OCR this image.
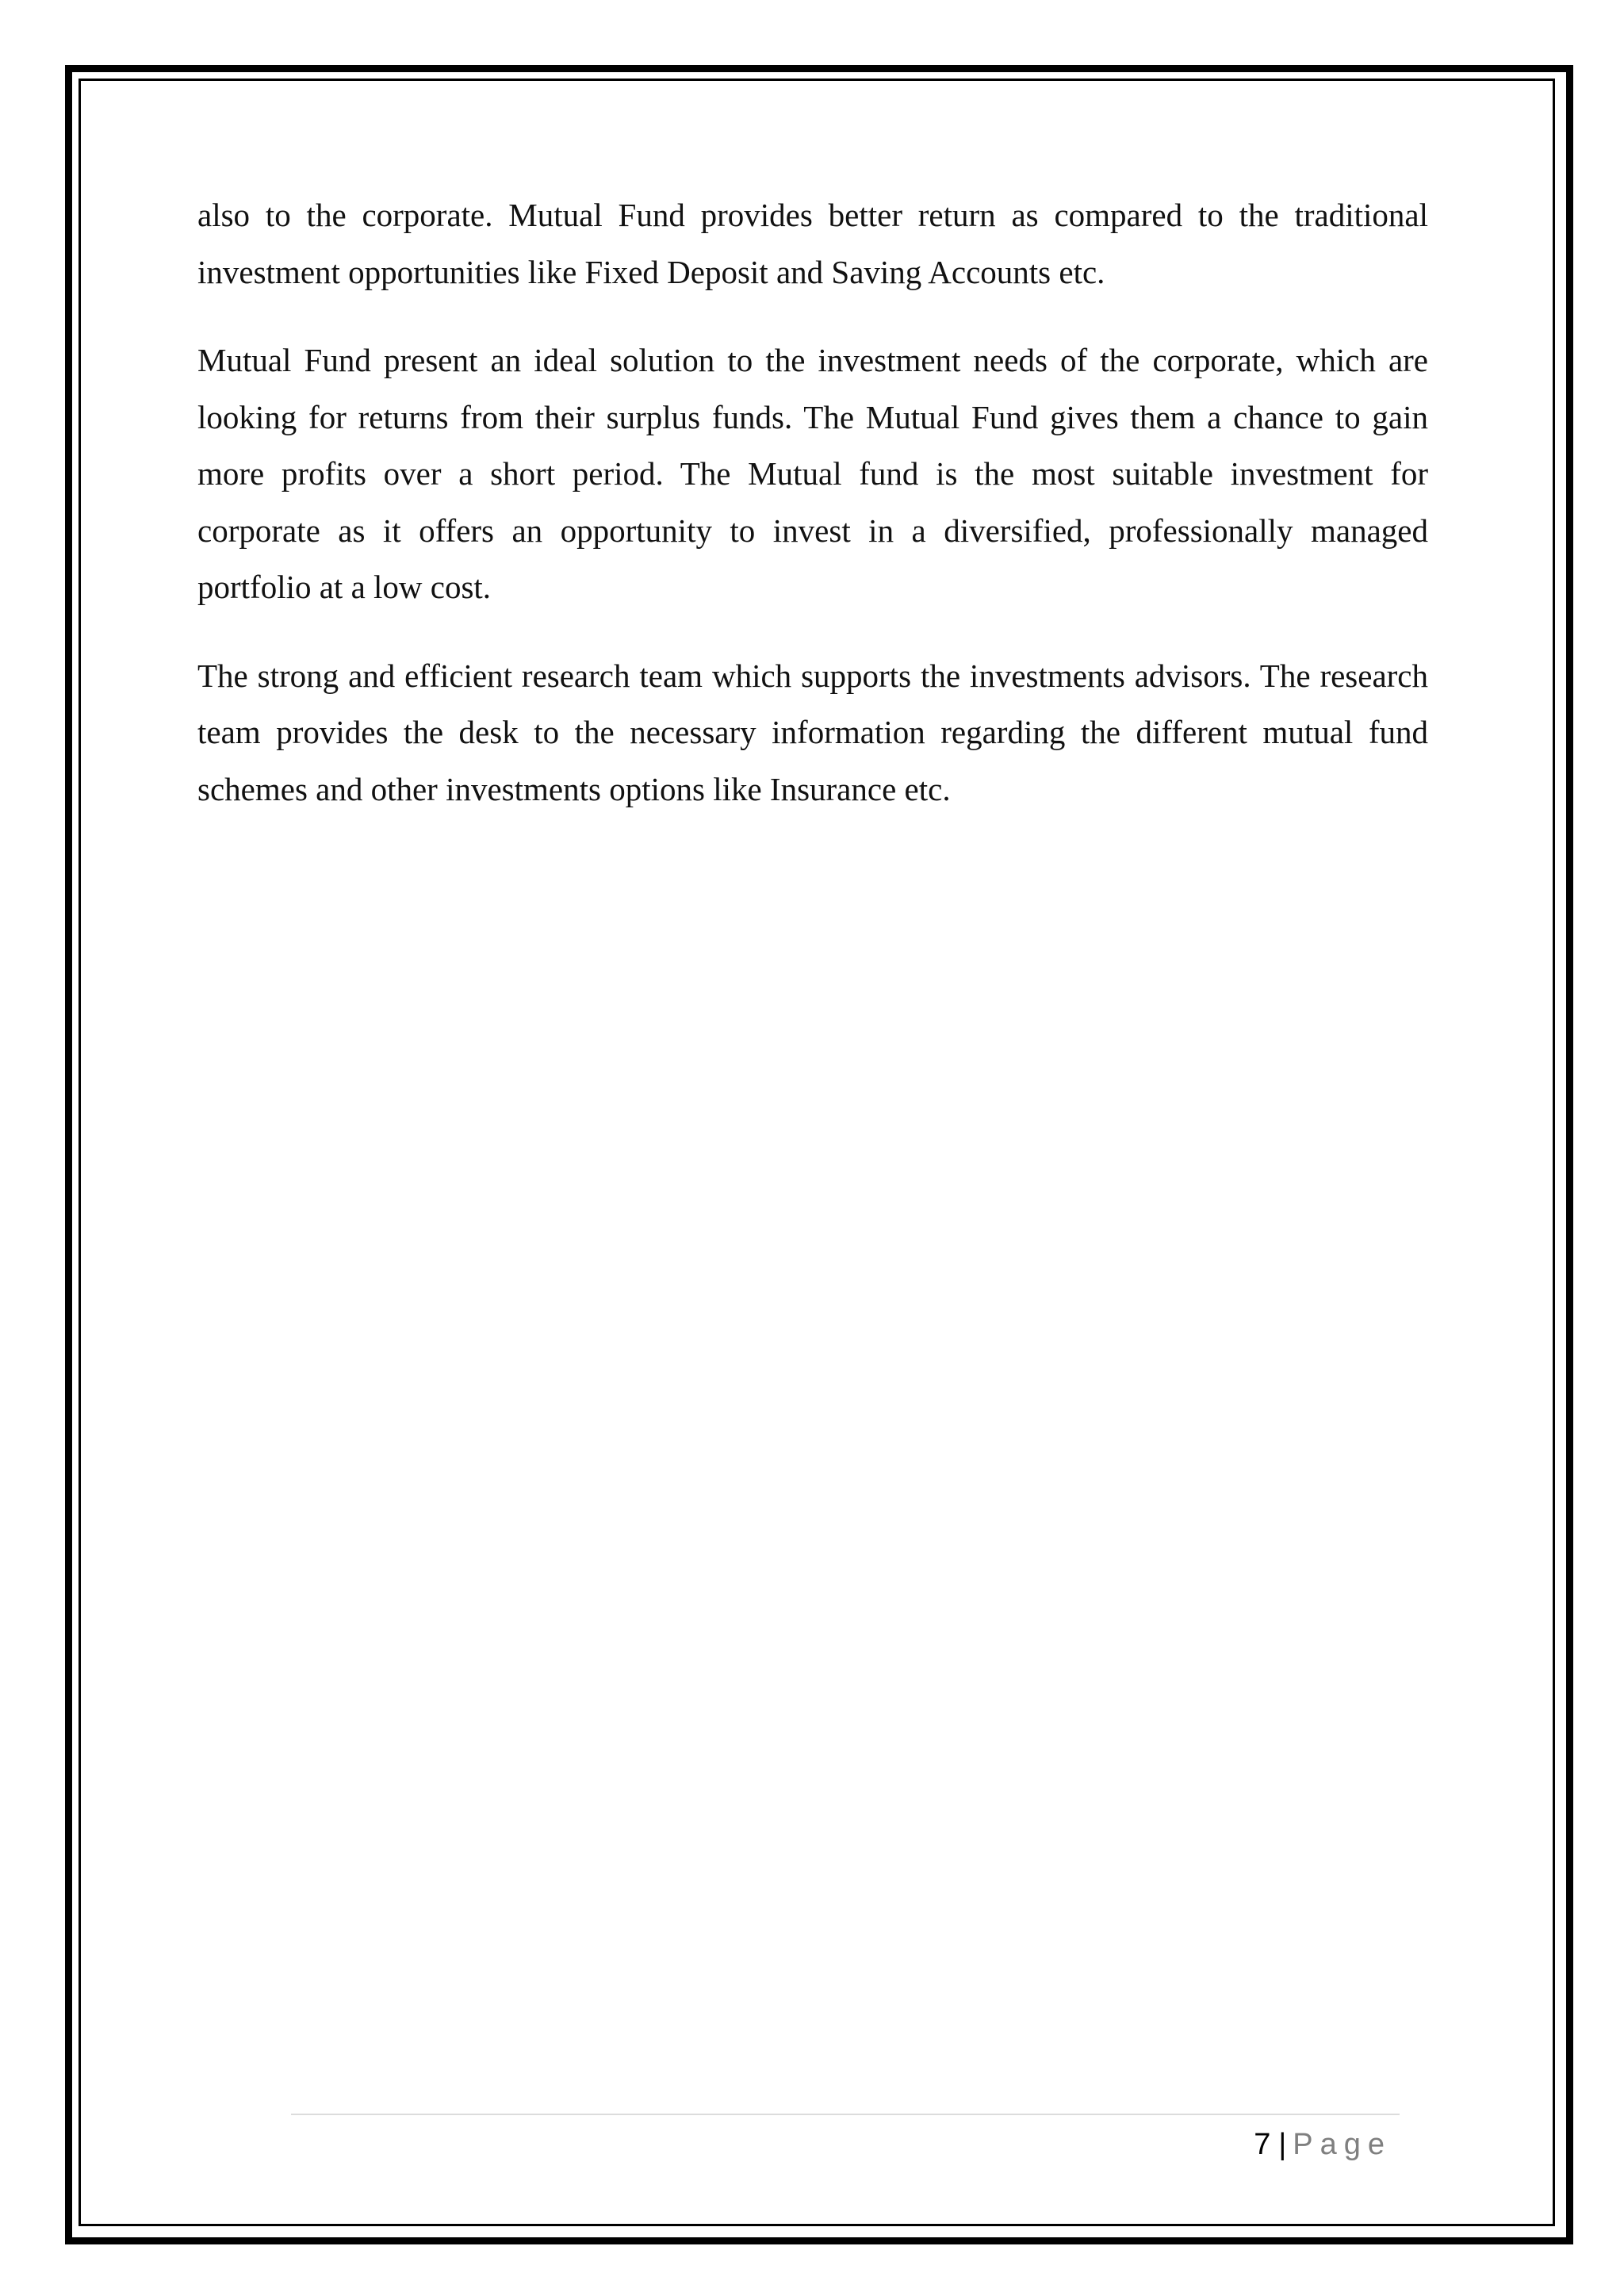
also to the corporate. Mutual Fund provides better return as compared to the traditional investment opportunities like Fixed Deposit and Saving Accounts etc.

Mutual Fund present an ideal solution to the investment needs of the corporate, which are looking for returns from their surplus funds. The Mutual Fund gives them a chance to gain more profits over a short period. The Mutual fund is the most suitable investment for corporate as it offers an opportunity to invest in a diversified, professionally managed portfolio at a low cost.

The strong and efficient research team which supports the investments advisors. The research team provides the desk to the necessary information regarding the different mutual fund schemes and other investments options like Insurance etc.

7 | Page
